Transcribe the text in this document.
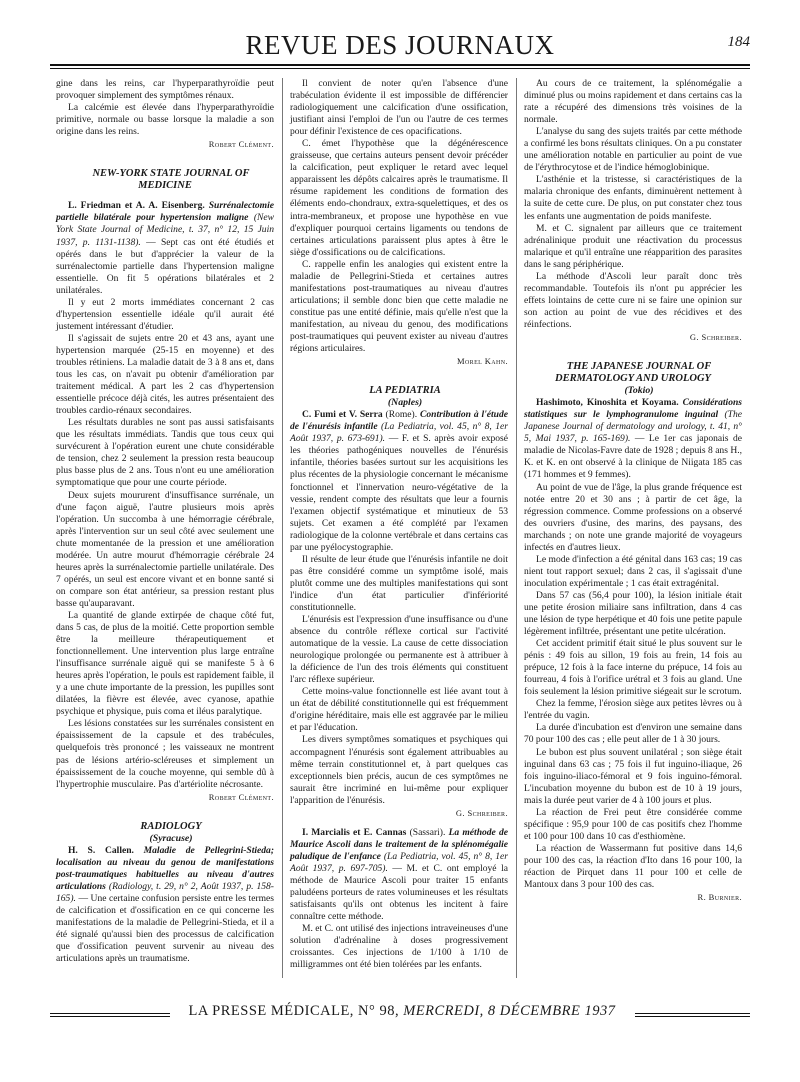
REVUE DES JOURNAUX	184

gine dans les reins, car l'hyperparathyroïdie peut provoquer simplement des symptômes rénaux.

La calcémie est élevée dans l'hyperparathyroïdie primitive, normale ou basse lorsque la maladie a son origine dans les reins.

Robert Clément.

NEW-YORK STATE JOURNAL OF MEDICINE

L. Friedman et A. A. Eisenberg. Surrénalectomie partielle bilatérale pour hypertension maligne (New York State Journal of Medicine, t. 37, n° 12, 15 Juin 1937, p. 1131-1138). — Sept cas ont été étudiés et opérés dans le but d'apprécier la valeur de la surrénalectomie partielle dans l'hypertension maligne essentielle. On fit 5 opérations bilatérales et 2 unilatérales.

Il y eut 2 morts immédiates concernant 2 cas d'hypertension essentielle idéale qu'il aurait été justement intéressant d'étudier.

Il s'agissait de sujets entre 20 et 43 ans, ayant une hypertension marquée (25-15 en moyenne) et des troubles rétiniens. La maladie datait de 3 à 8 ans et, dans tous les cas, on n'avait pu obtenir d'amélioration par traitement médical. A part les 2 cas d'hypertension essentielle précoce déjà cités, les autres présentaient des troubles cardio-rénaux secondaires.

Les résultats durables ne sont pas aussi satisfaisants que les résultats immédiats. Tandis que tous ceux qui survécurent à l'opération eurent une chute considérable de tension, chez 2 seulement la pression resta beaucoup plus basse plus de 2 ans. Tous n'ont eu une amélioration symptomatique que pour une courte période.

Deux sujets moururent d'insuffisance surrénale, un d'une façon aiguë, l'autre plusieurs mois après l'opération. Un succomba à une hémorragie cérébrale, après l'intervention sur un seul côté avec seulement une chute momentanée de la pression et une amélioration modérée. Un autre mourut d'hémorragie cérébrale 24 heures après la surrénalectomie partielle unilatérale. Des 7 opérés, un seul est encore vivant et en bonne santé si on compare son état antérieur, sa pression restant plus basse qu'auparavant.

La quantité de glande extirpée de chaque côté fut, dans 5 cas, de plus de la moitié. Cette proportion semble être la meilleure thérapeutiquement et fonctionnellement. Une intervention plus large entraîne l'insuffisance surrénale aiguë qui se manifeste 5 à 6 heures après l'opération, le pouls est rapidement faible, il y a une chute importante de la pression, les pupilles sont dilatées, la fièvre est élevée, avec cyanose, apathie psychique et physique, puis coma et iléus paralytique.

Les lésions constatées sur les surrénales consistent en épaississement de la capsule et des trabécules, quelquefois très prononcé ; les vaisseaux ne montrent pas de lésions artério-scléreuses et simplement un épaississement de la couche moyenne, qui semble dû à l'hypertrophie musculaire. Pas d'artériolite nécrosante.

Robert Clément.

RADIOLOGY

(Syracuse)

H. S. Callen. Maladie de Pellegrini-Stieda; localisation au niveau du genou de manifestations post-traumatiques habituelles au niveau d'autres articulations (Radiology, t. 29, n° 2, Août 1937, p. 158-165). — Une certaine confusion persiste entre les termes de calcification et d'ossification en ce qui concerne les manifestations de la maladie de Pellegrini-Stieda, et il a été signalé qu'aussi bien des processus de calcification que d'ossification peuvent survenir au niveau des articulations après un traumatisme.

Il convient de noter qu'en l'absence d'une trabéculation évidente il est impossible de différencier radiologiquement une calcification d'une ossification, justifiant ainsi l'emploi de l'un ou l'autre de ces termes pour définir l'existence de ces opacifications.

C. émet l'hypothèse que la dégénérescence graisseuse, que certains auteurs pensent devoir précéder la calcification, peut expliquer le retard avec lequel apparaissent les dépôts calcaires après le traumatisme. Il résume rapidement les conditions de formation des éléments endo-chondraux, extra-squelettiques, et des os intra-membraneux, et propose une hypothèse en vue d'expliquer pourquoi certains ligaments ou tendons de certaines articulations paraissent plus aptes à être le siège d'ossifications ou de calcifications.

C. rappelle enfin les analogies qui existent entre la maladie de Pellegrini-Stieda et certaines autres manifestations post-traumatiques au niveau d'autres articulations; il semble donc bien que cette maladie ne constitue pas une entité définie, mais qu'elle n'est que la manifestation, au niveau du genou, des modifications post-traumatiques qui peuvent exister au niveau d'autres régions articulaires.

Morel Kahn.

LA PEDIATRIA

(Naples)

C. Fumi et V. Serra (Rome). Contribution à l'étude de l'énurésis infantile (La Pediatria, vol. 45, n° 8, 1er Août 1937, p. 673-691). — F. et S. après avoir exposé les théories pathogéniques nouvelles de l'énurésis infantile, théories basées surtout sur les acquisitions les plus récentes de la physiologie concernant le mécanisme fonctionnel et l'innervation neuro-végétative de la vessie, rendent compte des résultats que leur a fournis l'examen objectif systématique et minutieux de 53 sujets. Cet examen a été complété par l'examen radiologique de la colonne vertébrale et dans certains cas par une pyélocystographie.

Il résulte de leur étude que l'énurésis infantile ne doit pas être considéré comme un symptôme isolé, mais plutôt comme une des multiples manifestations qui sont l'indice d'un état particulier d'infériorité constitutionnelle.

L'énurésis est l'expression d'une insuffisance ou d'une absence du contrôle réflexe cortical sur l'activité automatique de la vessie. La cause de cette dissociation neurologique prolongée ou permanente est à attribuer à la déficience de l'un des trois éléments qui constituent l'arc réflexe supérieur.

Cette moins-value fonctionnelle est liée avant tout à un état de débilité constitutionnelle qui est fréquemment d'origine héréditaire, mais elle est aggravée par le milieu et par l'éducation.

Les divers symptômes somatiques et psychiques qui accompagnent l'énurésis sont également attribuables au même terrain constitutionnel et, à part quelques cas exceptionnels bien précis, aucun de ces symptômes ne saurait être incriminé en lui-même pour expliquer l'apparition de l'énurésis.

G. Schreiber.

I. Marcialis et E. Cannas (Sassari). La méthode de Maurice Ascoli dans le traitement de la splénomégalie paludique de l'enfance (La Pediatria, vol. 45, n° 8, 1er Août 1937, p. 697-705). — M. et C. ont employé la méthode de Maurice Ascoli pour traiter 15 enfants paludéens porteurs de rates volumineuses et les résultats satisfaisants qu'ils ont obtenus les incitent à faire connaître cette méthode.

M. et C. ont utilisé des injections intraveineuses d'une solution d'adrénaline à doses progressivement croissantes. Ces injections de 1/100 à 1/10 de milligrammes ont été bien tolérées par les enfants.

Au cours de ce traitement, la splénomégalie a diminué plus ou moins rapidement et dans certains cas la rate a récupéré des dimensions très voisines de la normale.

L'analyse du sang des sujets traités par cette méthode a confirmé les bons résultats cliniques. On a pu constater une amélioration notable en particulier au point de vue de l'érythrocytose et de l'indice hémoglobinique.

L'asthénie et la tristesse, si caractéristiques de la malaria chronique des enfants, diminuèrent nettement à la suite de cette cure. De plus, on put constater chez tous les enfants une augmentation de poids manifeste.

M. et C. signalent par ailleurs que ce traitement adrénalinique produit une réactivation du processus malarique et qu'il entraîne une réapparition des parasites dans le sang périphérique.

La méthode d'Ascoli leur paraît donc très recommandable. Toutefois ils n'ont pu apprécier les effets lointains de cette cure ni se faire une opinion sur son action au point de vue des récidives et des réinfections.

G. Schreiber.

THE JAPANESE JOURNAL OF DERMATOLOGY AND UROLOGY

(Tokio)

Hashimoto, Kinoshita et Koyama. Considérations statistiques sur le lymphogranulome inguinal (The Japanese Journal of dermatology and urology, t. 41, n° 5, Mai 1937, p. 165-169). — Le 1er cas japonais de maladie de Nicolas-Favre date de 1928 ; depuis 8 ans H., K. et K. en ont observé à la clinique de Niigata 185 cas (171 hommes et 9 femmes).

Au point de vue de l'âge, la plus grande fréquence est notée entre 20 et 30 ans ; à partir de cet âge, la régression commence. Comme professions on a observé des ouvriers d'usine, des marins, des paysans, des marchands ; on note une grande majorité de voyageurs infectés en d'autres lieux.

Le mode d'infection a été génital dans 163 cas; 19 cas nient tout rapport sexuel; dans 2 cas, il s'agissait d'une inoculation expérimentale ; 1 cas était extragénital.

Dans 57 cas (56,4 pour 100), la lésion initiale était une petite érosion miliaire sans infiltration, dans 4 cas une lésion de type herpétique et 40 fois une petite papule légèrement infiltrée, présentant une petite ulcération.

Cet accident primitif était situé le plus souvent sur le pénis : 49 fois au sillon, 19 fois au frein, 14 fois au prépuce, 12 fois à la face interne du prépuce, 14 fois au fourreau, 4 fois à l'orifice urétral et 3 fois au gland. Une fois seulement la lésion primitive siégeait sur le scrotum.

Chez la femme, l'érosion siège aux petites lèvres ou à l'entrée du vagin.

La durée d'incubation est d'environ une semaine dans 70 pour 100 des cas ; elle peut aller de 1 à 30 jours.

Le bubon est plus souvent unilatéral ; son siège était inguinal dans 63 cas ; 75 fois il fut inguino-iliaque, 26 fois inguino-iliaco-fémoral et 9 fois inguino-fémoral. L'incubation moyenne du bubon est de 10 à 19 jours, mais la durée peut varier de 4 à 100 jours et plus.

La réaction de Frei peut être considérée comme spécifique : 95,9 pour 100 de cas positifs chez l'homme et 100 pour 100 dans 10 cas d'esthiomène.

La réaction de Wassermann fut positive dans 14,6 pour 100 des cas, la réaction d'Ito dans 16 pour 100, la réaction de Pirquet dans 11 pour 100 et celle de Mantoux dans 3 pour 100 des cas.

R. Burnier.

LA PRESSE MÉDICALE, N° 98, MERCREDI, 8 DÉCEMBRE 1937
